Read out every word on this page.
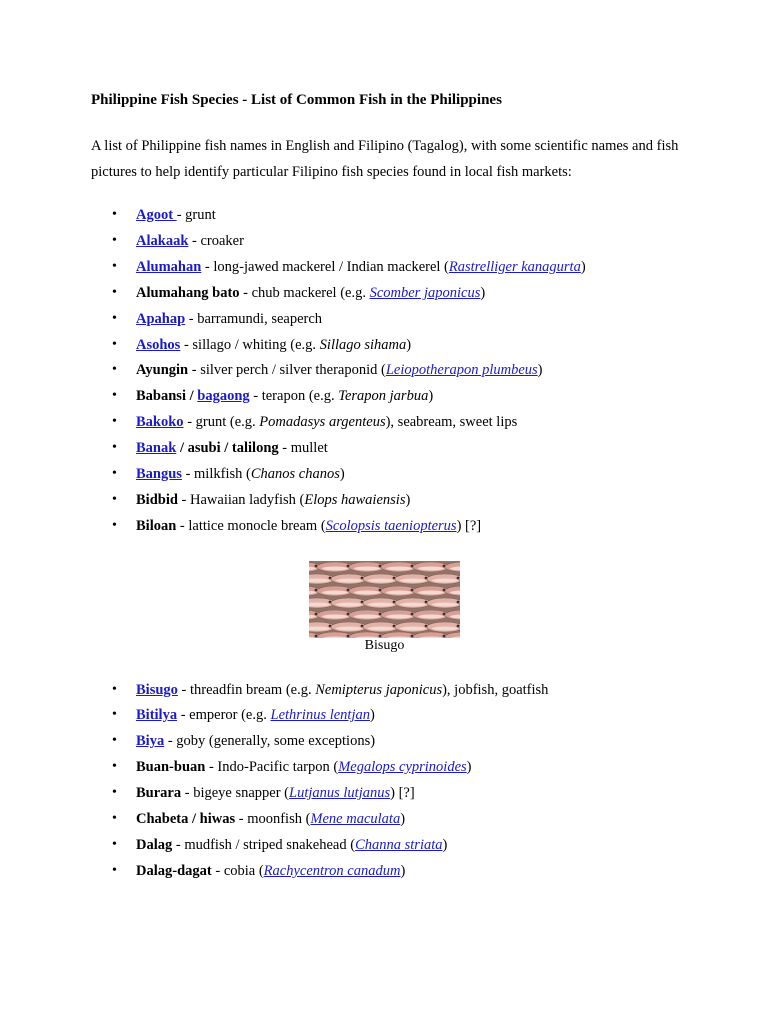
Philippine Fish Species - List of Common Fish in the Philippines

A list of Philippine fish names in English and Filipino (Tagalog), with some scientific names and fish pictures to help identify particular Filipino fish species found in local fish markets:

• Agoot - grunt
• Alakaak - croaker
• Alumahan - long-jawed mackerel / Indian mackerel (Rastrelliger kanagurta)
• Alumahang bato - chub mackerel (e.g. Scomber japonicus)
• Apahap - barramundi, seaperch
• Asohos - sillago / whiting (e.g. Sillago sihama)
• Ayungin - silver perch / silver theraponid (Leiopotherapon plumbeus)
• Babansi / bagaong - terapon (e.g. Terapon jarbua)
• Bakoko - grunt (e.g. Pomadasys argenteus), seabream, sweet lips
• Banak / asubi / talilong - mullet
• Bangus - milkfish (Chanos chanos)
• Bidbid - Hawaiian ladyfish (Elops hawaiensis)
• Biloan - lattice monocle bream (Scolopsis taeniopterus) [?]
Bisugo
• Bisugo - threadfin bream (e.g. Nemipterus japonicus), jobfish, goatfish
• Bitilya - emperor (e.g. Lethrinus lentjan)
• Biya - goby (generally, some exceptions)
• Buan-buan - Indo-Pacific tarpon (Megalops cyprinoides)
• Burara - bigeye snapper (Lutjanus lutjanus) [?]
• Chabeta / hiwas - moonfish (Mene maculata)
• Dalag - mudfish / striped snakehead (Channa striata)
• Dalag-dagat - cobia (Rachycentron canadum)
